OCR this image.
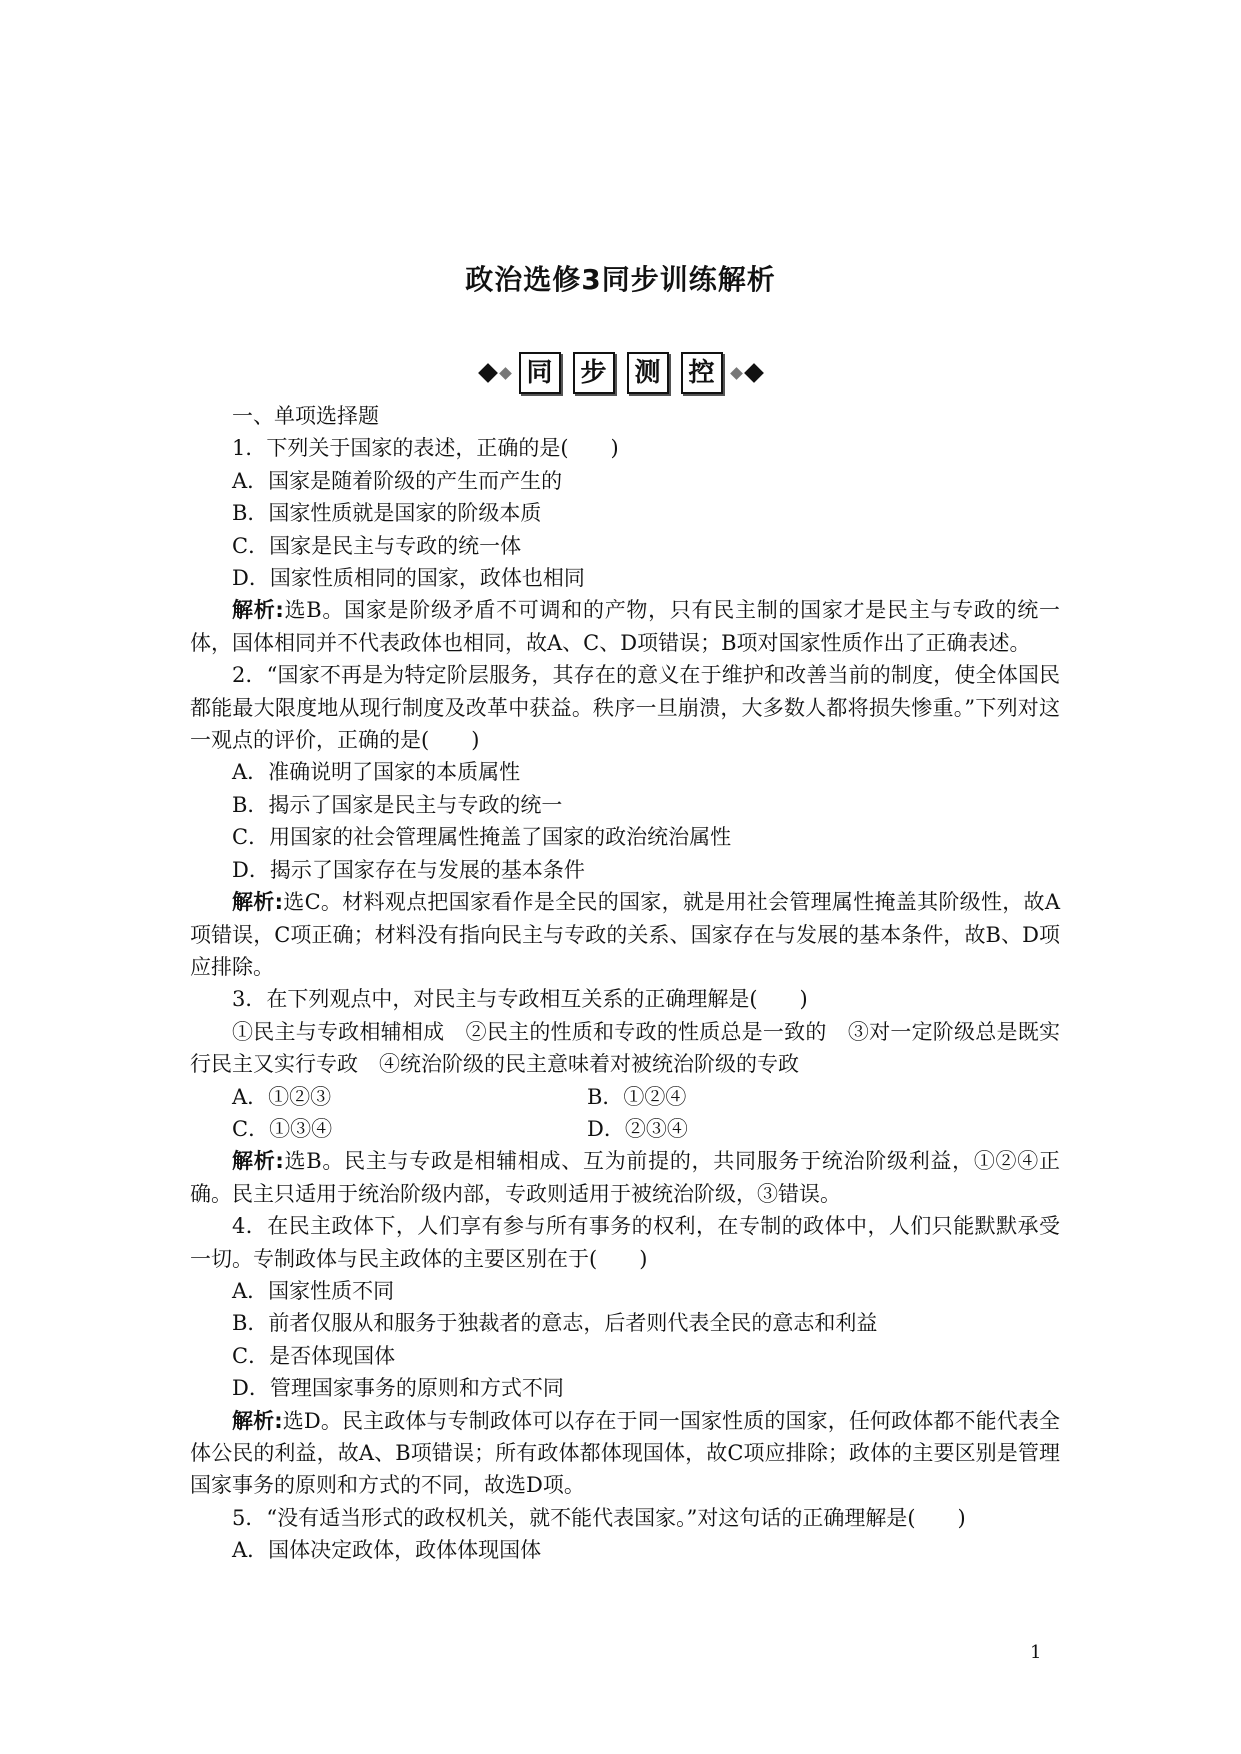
政治选修3同步训练解析
同	步	测	控

一、单项选择题

1．下列关于国家的表述，正确的是(　　)

A．国家是随着阶级的产生而产生的

B．国家性质就是国家的阶级本质

C．国家是民主与专政的统一体

D．国家性质相同的国家，政体也相同

解析:选B。国家是阶级矛盾不可调和的产物，只有民主制的国家才是民主与专政的统一体，国体相同并不代表政体也相同，故A、C、D项错误；B项对国家性质作出了正确表述。

2．“国家不再是为特定阶层服务，其存在的意义在于维护和改善当前的制度，使全体国民都能最大限度地从现行制度及改革中获益。秩序一旦崩溃，大多数人都将损失惨重。”下列对这一观点的评价，正确的是(　　)

A．准确说明了国家的本质属性

B．揭示了国家是民主与专政的统一

C．用国家的社会管理属性掩盖了国家的政治统治属性

D．揭示了国家存在与发展的基本条件

解析:选C。材料观点把国家看作是全民的国家，就是用社会管理属性掩盖其阶级性，故A项错误，C项正确；材料没有指向民主与专政的关系、国家存在与发展的基本条件，故B、D项应排除。

3．在下列观点中，对民主与专政相互关系的正确理解是(　　)

①民主与专政相辅相成　②民主的性质和专政的性质总是一致的　③对一定阶级总是既实行民主又实行专政　④统治阶级的民主意味着对被统治阶级的专政

A．①②③	B．①②④
C．①③④	D．②③④

解析:选B。民主与专政是相辅相成、互为前提的，共同服务于统治阶级利益，①②④正确。民主只适用于统治阶级内部，专政则适用于被统治阶级，③错误。

4．在民主政体下，人们享有参与所有事务的权利，在专制的政体中，人们只能默默承受一切。专制政体与民主政体的主要区别在于(　　)

A．国家性质不同

B．前者仅服从和服务于独裁者的意志，后者则代表全民的意志和利益

C．是否体现国体

D．管理国家事务的原则和方式不同

解析:选D。民主政体与专制政体可以存在于同一国家性质的国家，任何政体都不能代表全体公民的利益，故A、B项错误；所有政体都体现国体，故C项应排除；政体的主要区别是管理国家事务的原则和方式的不同，故选D项。

5．“没有适当形式的政权机关，就不能代表国家。”对这句话的正确理解是(　　)

A．国体决定政体，政体体现国体

1
